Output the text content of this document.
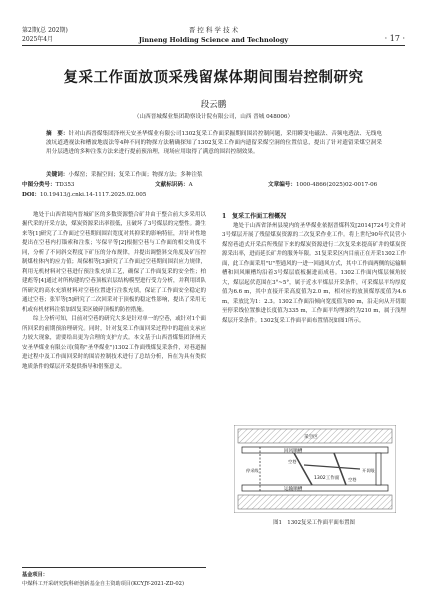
第2期(总 202期)
2025年4月
晋 控 科 学 技 术
Jinneng Holding Science and Technology	· 17 ·
复采工作面放顶采残留煤体期间围岩控制研究
段云鹏
（山西晋城煤业集团勘察设计院有限公司，山西 晋城 048006）
摘　要：针对山西晋煤集团泽州天安圣华煤业有限公司1302复采工作面采掘期间围岩控制问题，采用瞬变电磁法、音频电透法、无线电波坑道透视法和槽波地震法等4种不同的物探方法精确探知了1302复采工作面内遗留采煤空洞的位置信息，提出了针对遗留采煤空洞采用分层透进的多种注浆方法来进行提前预治理，现场应用取得了满意的围岩控制效果。
关键词：小煤窑；采掘空间；复采工作面；物探方法；多种注浆
中图分类号：TD353	文献标识码：A	文章编号：1000-4866(2025)02-0017-06
DOI：10.19413/j.cnki.14-1117.2025.02.005

地处于山西省境内晋城矿区的多数资源整合矿井由于整合前大多采用以掘代采的开采方法，煤炭资源采出率很低，且破坏了3号煤层的完整性。潞生来等[1]研究了工作面过空巷期间围岩宽度对其抑采的影响特征，并针对性地提出在空巷内打锚索和注浆；岑保平等[2]根据空巷与工作面的相交角度不同，分析了不同斜交程度下矿压的分布规律，并提出调整斜交角度及矿压控制煤柱体内的应力值；周保相等[3]研究了工作面过空巷期间围岩应力规律，利用无机材料对空巷进行预注浆充填工艺，确保了工作面复采的安全性；柏建彪等[4]通过对所构建的空巷顶板岩层结构模型进行受力分析，并利用团队所研究的高水充填材料对空巷位置进行注浆充填，保证了工作面安全稳定的通过空巷；张军等[5]研究了二次回采对于顶板的稳定性影响，提出了采用无机或有机材料注浆加固复采区破碎顶板的防控措施。

综上分析可知，目前对空巷的研究大多是针对单一的空巷，或针对1个面所回采的前期预治理研究。同时，针对复采工作面回采过程中的超前支承应力较大现象，需要给出更为合理的支护方式。本文基于山西晋煤集团泽州天安圣华煤业有限公司(简称"圣华煤业")1302工作面残煤复采条件，对巷道掘进过程中及工作面回采时的围岩控制技术进行了总结分析，旨在为具有类似地质条件的煤层开采提供指导和借鉴意义。

1　复采工作面工程概况

地处于山西省泽州县境内的圣华煤业依据晋煤科发[2014]724号文件对3号煤层开展了残留煤炭资源的二次复采作业工作。将上世纪90年代民营小煤窑巷道式开采后所残留下来的煤炭资源进行二次复采来提高矿井的煤炭资源采出率，进而延长矿井的服务年限。31复采采区内目前正在开采1302工作面，此工作面采用"U"型通风的一进一回通风方式，其中工作面两侧的运输顺槽和回风顺槽均沿着3号煤层底板掘进而成巷。1302工作面内煤层倾角较大，煤层起伏范围在3°~5°，属于近水平煤层开采条件，可采煤层平均厚度值为6.6 m，其中直接开采高度值为2.0 m，相对应的放顶煤厚度值为4.6 m，采放比为1：2.3。1302工作面沿倾向宽度值为80 m，沿走向从开切眼至停采线位置推进长度值为335 m，工作面平均埋深约为210 m，属于浅埋煤层开采条件。1302复采工作面平面布置情况如图1所示。

回风顺槽
运输顺槽
开切眼
停采线
1302工作面
空巷
空巷
采空区
图1　1302复采工作面平面布置图
基金项目：
中煤科工开采研究院科研创新基金自主资助项目(KCYJY-2021-ZD-02)
